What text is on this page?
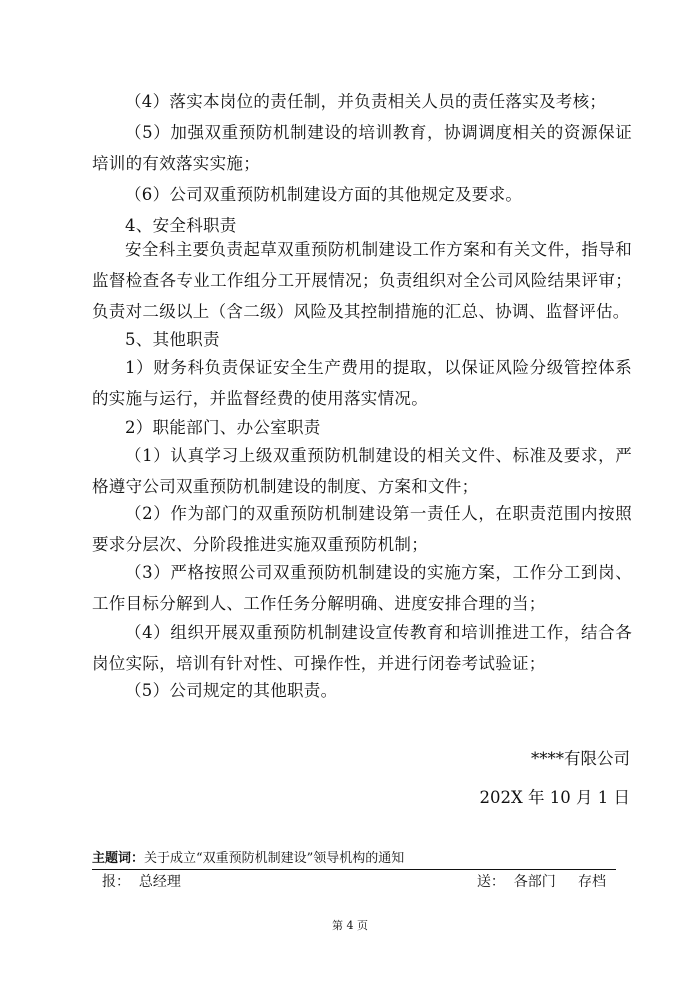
（4）落实本岗位的责任制，并负责相关人员的责任落实及考核；

（5）加强双重预防机制建设的培训教育，协调调度相关的资源保证培训的有效落实实施；

（6）公司双重预防机制建设方面的其他规定及要求。

4、安全科职责

安全科主要负责起草双重预防机制建设工作方案和有关文件，指导和监督检查各专业工作组分工开展情况；负责组织对全公司风险结果评审；负责对二级以上（含二级）风险及其控制措施的汇总、协调、监督评估。

5、其他职责

1）财务科负责保证安全生产费用的提取，以保证风险分级管控体系的实施与运行，并监督经费的使用落实情况。

2）职能部门、办公室职责

（1）认真学习上级双重预防机制建设的相关文件、标准及要求，严格遵守公司双重预防机制建设的制度、方案和文件；

（2）作为部门的双重预防机制建设第一责任人，在职责范围内按照要求分层次、分阶段推进实施双重预防机制；

（3）严格按照公司双重预防机制建设的实施方案，工作分工到岗、工作目标分解到人、工作任务分解明确、进度安排合理的当；

（4）组织开展双重预防机制建设宣传教育和培训推进工作，结合各岗位实际，培训有针对性、可操作性，并进行闭卷考试验证；

（5）公司规定的其他职责。

****有限公司

202X 年 10 月 1 日

主题词：关于成立“双重预防机制建设”领导机构的通知
报： 总经理	送： 各部门 存档
第 4 页
